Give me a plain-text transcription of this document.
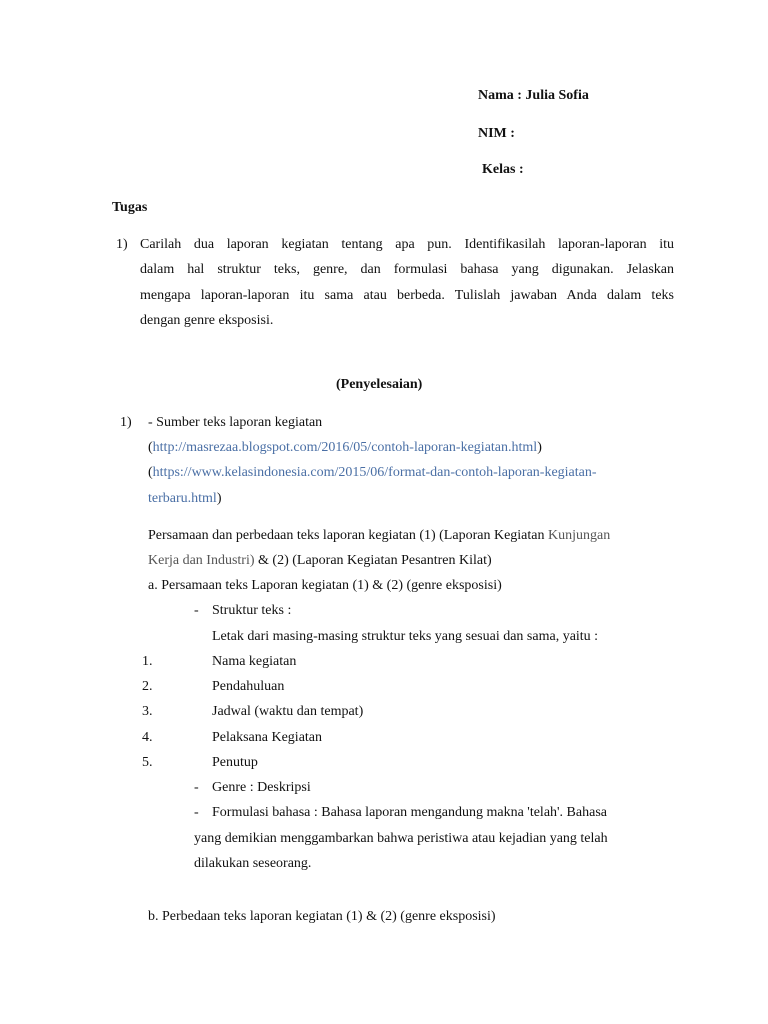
Nama : Julia Sofia
NIM :
Kelas :
Tugas
1) Carilah dua laporan kegiatan tentang apa pun. Identifikasilah laporan-laporan itu
dalam hal struktur teks, genre, dan formulasi bahasa yang digunakan. Jelaskan
mengapa laporan-laporan itu sama atau berbeda. Tulislah jawaban Anda dalam teks
dengan genre eksposisi.
(Penyelesaian)
1) - Sumber teks laporan kegiatan
(http://masrezaa.blogspot.com/2016/05/contoh-laporan-kegiatan.html)
(https://www.kelasindonesia.com/2015/06/format-dan-contoh-laporan-kegiatan-
terbaru.html)
Persamaan dan perbedaan teks laporan kegiatan (1) (Laporan Kegiatan Kunjungan
Kerja dan Industri) & (2) (Laporan Kegiatan Pesantren Kilat)
a. Persamaan teks Laporan kegiatan (1) & (2) (genre eksposisi)
- Struktur teks :
Letak dari masing-masing struktur teks yang sesuai dan sama, yaitu :
1.	Nama kegiatan
2.	Pendahuluan
3.	Jadwal (waktu dan tempat)
4.	Pelaksana Kegiatan
5.	Penutup
- Genre : Deskripsi
- Formulasi bahasa : Bahasa laporan mengandung makna 'telah'. Bahasa
yang demikian menggambarkan bahwa peristiwa atau kejadian yang telah
dilakukan seseorang.
b. Perbedaan teks laporan kegiatan (1) & (2) (genre eksposisi)
